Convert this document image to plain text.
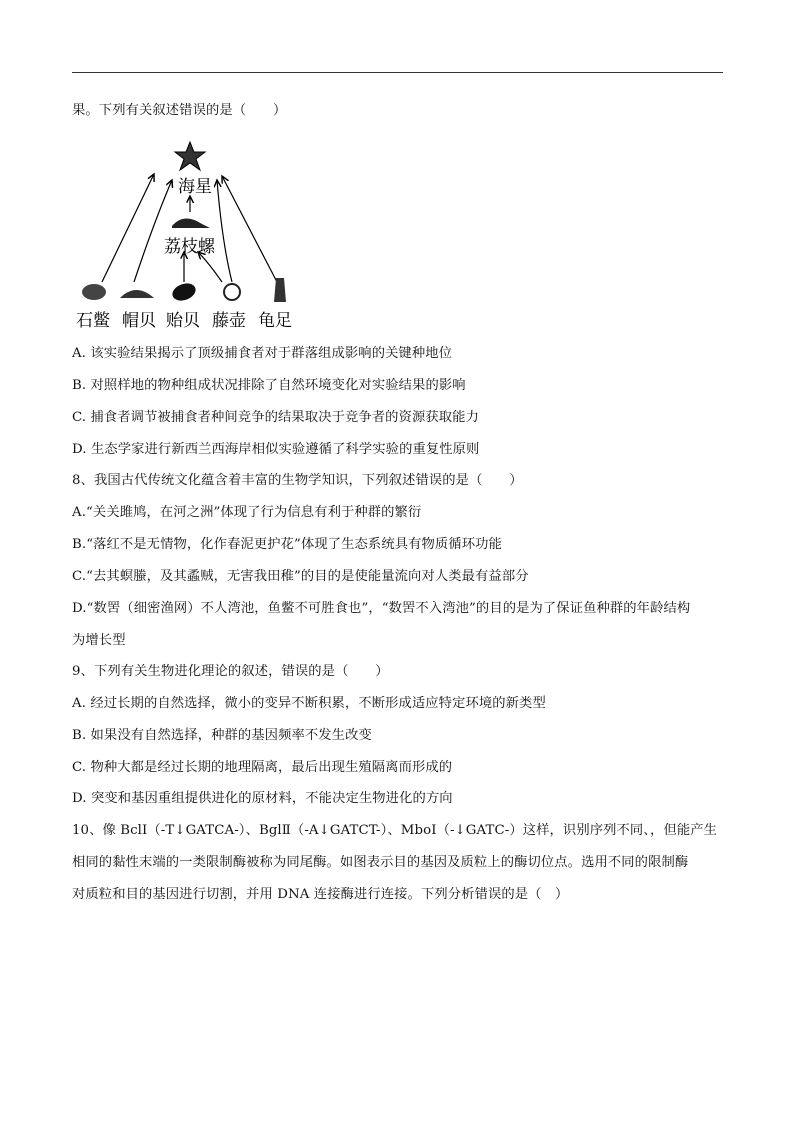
果。下列有关叙述错误的是（　　）
海星
荔枝螺
石鳖 帽贝 贻贝 藤壶 龟足
A. 该实验结果揭示了顶级捕食者对于群落组成影响的关键种地位
B. 对照样地的物种组成状况排除了自然环境变化对实验结果的影响
C. 捕食者调节被捕食者种间竞争的结果取决于竞争者的资源获取能力
D. 生态学家进行新西兰西海岸相似实验遵循了科学实验的重复性原则
8、我国古代传统文化蕴含着丰富的生物学知识，下列叙述错误的是（　　）
A.“关关雎鸠，在河之洲”体现了行为信息有利于种群的繁衍
B.“落红不是无情物，化作春泥更护花”体现了生态系统具有物质循环功能
C.“去其螟螣，及其蟊贼，无害我田稚”的目的是使能量流向对人类最有益部分
D.“数罟（细密渔网）不人湾池，鱼鳖不可胜食也”，“数罟不入湾池”的目的是为了保证鱼种群的年龄结构
为增长型
9、下列有关生物进化理论的叙述，错误的是（　　）
A. 经过长期的自然选择，微小的变异不断积累，不断形成适应特定环境的新类型
B. 如果没有自然选择，种群的基因频率不发生改变
C. 物种大都是经过长期的地理隔离，最后出现生殖隔离而形成的
D. 突变和基因重组提供进化的原材料，不能决定生物进化的方向
10、像 BclⅠ（-T↓GATCA-）、BglⅡ（-A↓GATCT-）、MboⅠ（-↓GATC-）这样，识别序列不同、，但能产生
相同的黏性末端的一类限制酶被称为同尾酶。如图表示目的基因及质粒上的酶切位点。选用不同的限制酶
对质粒和目的基因进行切割，并用 DNA 连接酶进行连接。下列分析错误的是（　）
